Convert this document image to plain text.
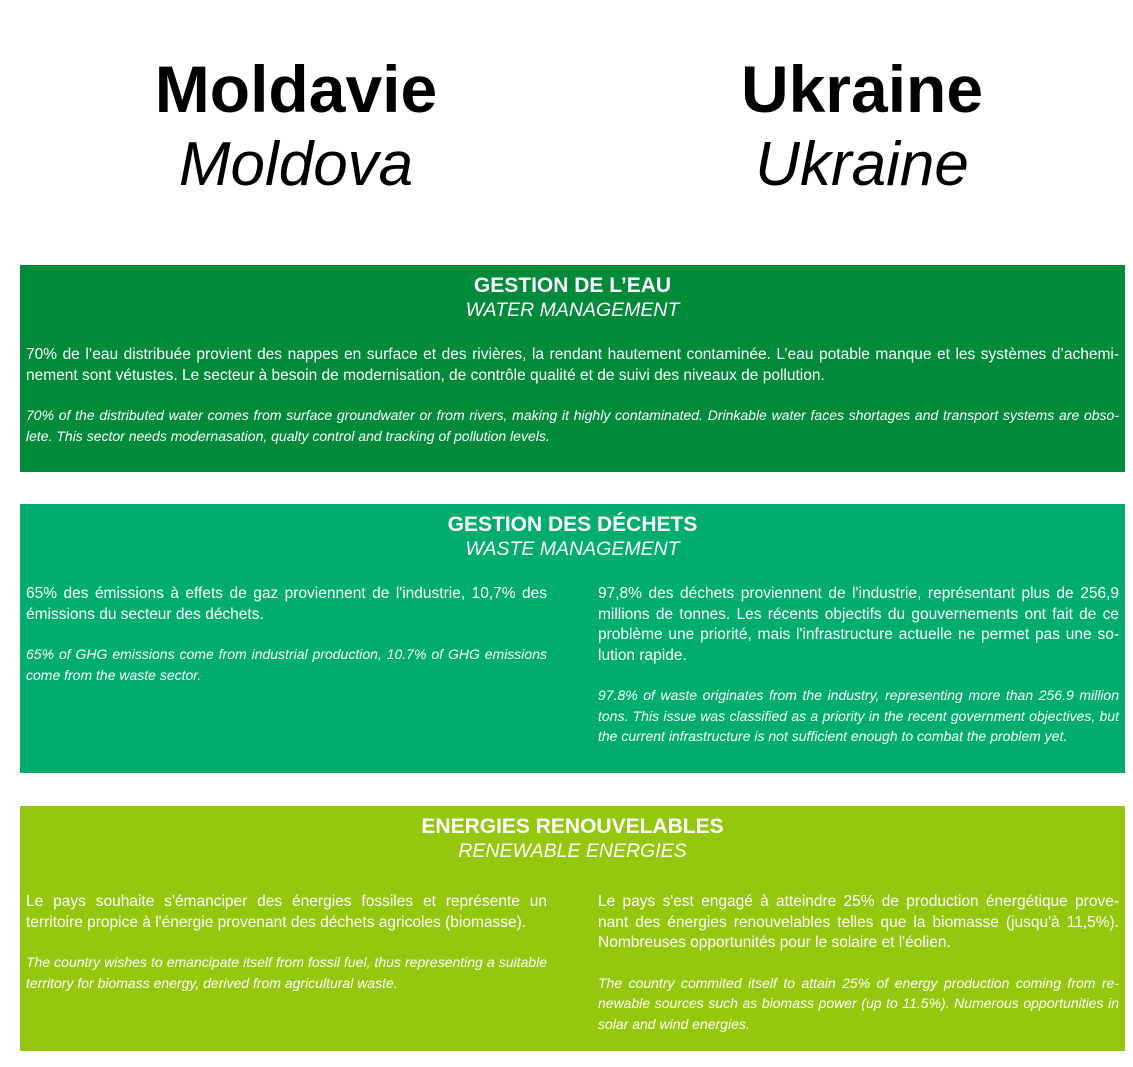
Moldavie
Moldova
Ukraine
Ukraine
GESTION DE L’EAU
WATER MANAGEMENT

70% de l’eau distribuée provient des nappes en surface et des rivières, la rendant hautement contaminée. L’eau potable manque et les systèmes d’achemi-nement sont vétustes. Le secteur à besoin de modernisation, de contrôle qualité et de suivi des niveaux de pollution.

70% of the distributed water comes from surface groundwater or from rivers, making it highly contaminated. Drinkable water faces shortages and transport systems are obso-lete. This sector needs modernasation, qualty control and tracking of pollution levels.

GESTION DES DÉCHETS
WASTE MANAGEMENT

65% des émissions à effets de gaz proviennent de l'industrie, 10,7% des émissions du secteur des déchets.

65% of GHG emissions come from industrial production, 10.7% of GHG emissions come from the waste sector.

97,8% des déchets proviennent de l'industrie, représentant plus de 256,9 millions de tonnes. Les récents objectifs du gouvernements ont fait de ce problème une priorité, mais l'infrastructure actuelle ne permet pas une so-lution rapide.

97.8% of waste originates from the industry, representing more than 256.9 million tons. This issue was classified as a priority in the recent government objectives, but the current infrastructure is not sufficient enough to combat the problem yet.

ENERGIES RENOUVELABLES
RENEWABLE ENERGIES

Le pays souhaite s'émanciper des énergies fossiles et représente un territoire propice à l'énergie provenant des déchets agricoles (biomasse).

The country wishes to emancipate itself from fossil fuel, thus representing a suitable territory for biomass energy, derived from agricultural waste.

Le pays s'est engagé à atteindre 25% de production énergétique prove-nant des énergies renouvelables telles que la biomasse (jusqu'à 11,5%). Nombreuses opportunités pour le solaire et l'éolien.

The country commited itself to attain 25% of energy production coming from re-newable sources such as biomass power (up to 11.5%). Numerous opportunities in solar and wind energies.
